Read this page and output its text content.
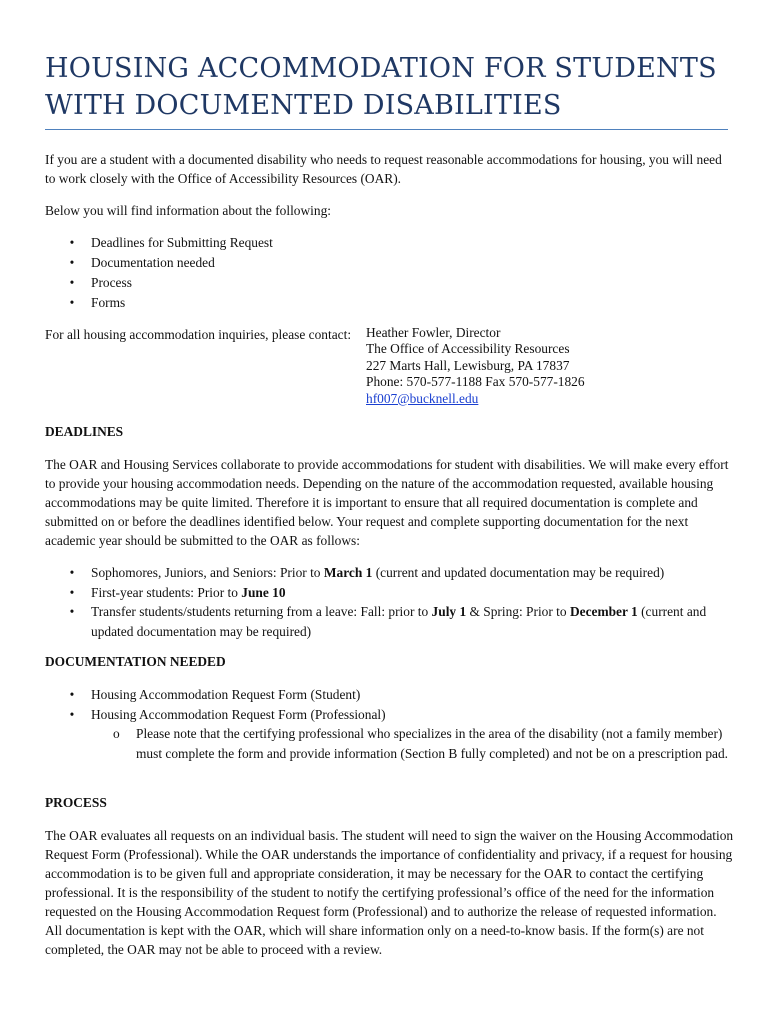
HOUSING ACCOMMODATION FOR STUDENTS
WITH DOCUMENTED DISABILITIES

If you are a student with a documented disability who needs to request reasonable accommodations for housing, you will need to work closely with the Office of Accessibility Resources (OAR).

Below you will find information about the following:

• Deadlines for Submitting Request
• Documentation needed
• Process
• Forms
For all housing accommodation inquiries, please contact: Heather Fowler, Director
The Office of Accessibility Resources
227 Marts Hall, Lewisburg, PA 17837
Phone: 570-577-1188 Fax 570-577-1826
hf007@bucknell.edu
DEADLINES

The OAR and Housing Services collaborate to provide accommodations for student with disabilities. We will make every effort to provide your housing accommodation needs. Depending on the nature of the accommodation requested, available housing accommodations may be quite limited. Therefore it is important to ensure that all required documentation is complete and submitted on or before the deadlines identified below. Your request and complete supporting documentation for the next academic year should be submitted to the OAR as follows:

• Sophomores, Juniors, and Seniors: Prior to March 1 (current and updated documentation may be required)
• First-year students: Prior to June 10
• Transfer students/students returning from a leave: Fall: prior to July 1 & Spring: Prior to December 1 (current and updated documentation may be required)
DOCUMENTATION NEEDED
• Housing Accommodation Request Form (Student)
• Housing Accommodation Request Form (Professional)
o Please note that the certifying professional who specializes in the area of the disability (not a family member) must complete the form and provide information (Section B fully completed) and not be on a prescription pad.
PROCESS

The OAR evaluates all requests on an individual basis. The student will need to sign the waiver on the Housing Accommodation Request Form (Professional). While the OAR understands the importance of confidentiality and privacy, if a request for housing accommodation is to be given full and appropriate consideration, it may be necessary for the OAR to contact the certifying professional. It is the responsibility of the student to notify the certifying professional’s office of the need for the information requested on the Housing Accommodation Request form (Professional) and to authorize the release of requested information. All documentation is kept with the OAR, which will share information only on a need-to-know basis. If the form(s) are not completed, the OAR may not be able to proceed with a review.
